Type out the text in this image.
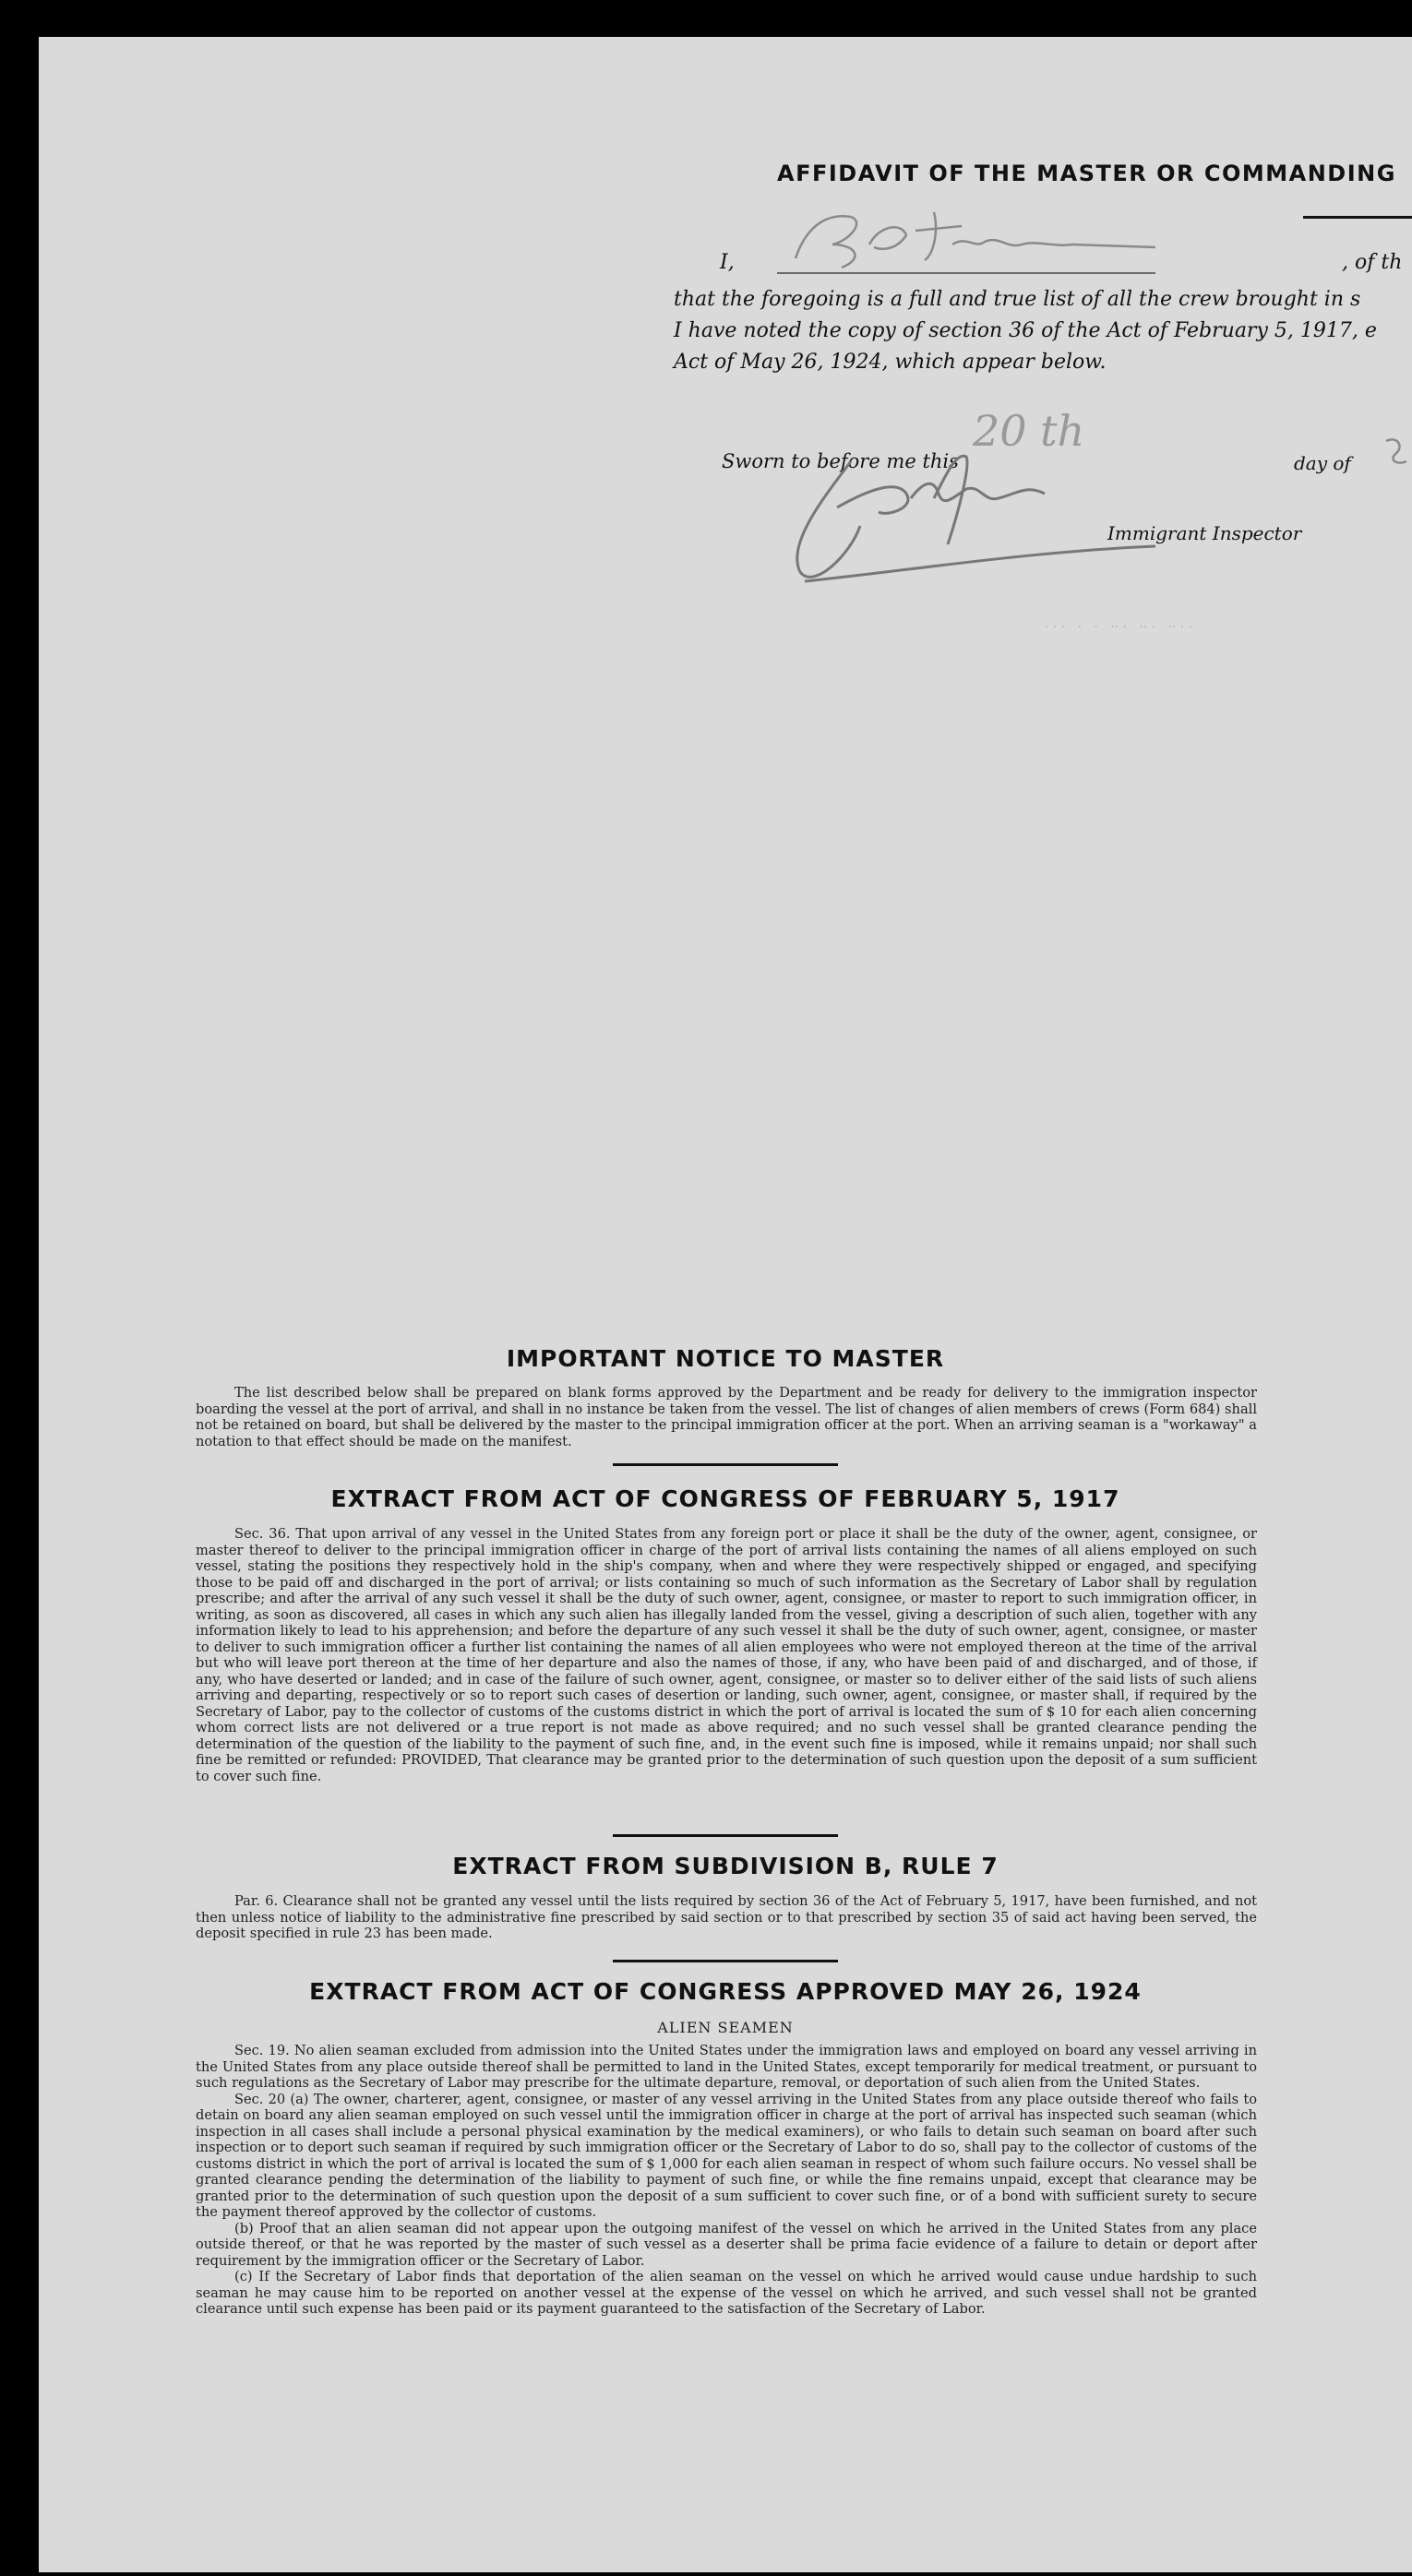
AFFIDAVIT OF THE MASTER OR COMMANDING
I,	, of th
that the foregoing is a full and true list of all the crew brought in s
I have noted the copy of section 36 of the Act of February 5, 1917, e
Act of May 26, 1924, which appear below.
Sworn to before me this
20 th
day of
Immigrant Inspector
· · ·   ·   ·   ·· ·   ·· ·   ·· · ·
IMPORTANT NOTICE TO MASTER

The list described below shall be prepared on blank forms approved by the Department and be ready for delivery to the immigration inspector boarding the vessel at the port of arrival, and shall in no instance be taken from the vessel. The list of changes of alien members of crews (Form 684) shall not be retained on board, but shall be delivered by the master to the principal immigration officer at the port. When an arriving seaman is a "workaway" a notation to that effect should be made on the manifest.

EXTRACT FROM ACT OF CONGRESS OF FEBRUARY 5, 1917

Sec. 36. That upon arrival of any vessel in the United States from any foreign port or place it shall be the duty of the owner, agent, consignee, or master thereof to deliver to the principal immigration officer in charge of the port of arrival lists containing the names of all aliens employed on such vessel, stating the positions they respectively hold in the ship's company, when and where they were respectively shipped or engaged, and specifying those to be paid off and discharged in the port of arrival; or lists containing so much of such information as the Secretary of Labor shall by regulation prescribe; and after the arrival of any such vessel it shall be the duty of such owner, agent, consignee, or master to report to such immigration officer, in writing, as soon as discovered, all cases in which any such alien has illegally landed from the vessel, giving a description of such alien, together with any information likely to lead to his apprehension; and before the departure of any such vessel it shall be the duty of such owner, agent, consignee, or master to deliver to such immigration officer a further list containing the names of all alien employees who were not employed thereon at the time of the arrival but who will leave port thereon at the time of her departure and also the names of those, if any, who have been paid of and discharged, and of those, if any, who have deserted or landed; and in case of the failure of such owner, agent, consignee, or master so to deliver either of the said lists of such aliens arriving and departing, respectively or so to report such cases of desertion or landing, such owner, agent, consignee, or master shall, if required by the Secretary of Labor, pay to the collector of customs of the customs district in which the port of arrival is located the sum of $ 10 for each alien concerning whom correct lists are not delivered or a true report is not made as above required; and no such vessel shall be granted clearance pending the determination of the question of the liability to the payment of such fine, and, in the event such fine is imposed, while it remains unpaid; nor shall such fine be remitted or refunded: PROVIDED, That clearance may be granted prior to the determination of such question upon the deposit of a sum sufficient to cover such fine.

EXTRACT FROM SUBDIVISION B, RULE 7

Par. 6. Clearance shall not be granted any vessel until the lists required by section 36 of the Act of February 5, 1917, have been furnished, and not then unless notice of liability to the administrative fine prescribed by said section or to that prescribed by section 35 of said act having been served, the deposit specified in rule 23 has been made.

EXTRACT FROM ACT OF CONGRESS APPROVED MAY 26, 1924
ALIEN SEAMEN

Sec. 19. No alien seaman excluded from admission into the United States under the immigration laws and employed on board any vessel arriving in the United States from any place outside thereof shall be permitted to land in the United States, except temporarily for medical treatment, or pursuant to such regulations as the Secretary of Labor may prescribe for the ultimate departure, removal, or deportation of such alien from the United States.

Sec. 20 (a) The owner, charterer, agent, consignee, or master of any vessel arriving in the United States from any place outside thereof who fails to detain on board any alien seaman employed on such vessel until the immigration officer in charge at the port of arrival has inspected such seaman (which inspection in all cases shall include a personal physical examination by the medical examiners), or who fails to detain such seaman on board after such inspection or to deport such seaman if required by such immigration officer or the Secretary of Labor to do so, shall pay to the collector of customs of the customs district in which the port of arrival is located the sum of $ 1,000 for each alien seaman in respect of whom such failure occurs. No vessel shall be granted clearance pending the determination of the liability to payment of such fine, or while the fine remains unpaid, except that clearance may be granted prior to the determination of such question upon the deposit of a sum sufficient to cover such fine, or of a bond with sufficient surety to secure the payment thereof approved by the collector of customs.

(b) Proof that an alien seaman did not appear upon the outgoing manifest of the vessel on which he arrived in the United States from any place outside thereof, or that he was reported by the master of such vessel as a deserter shall be prima facie evidence of a failure to detain or deport after requirement by the immigration officer or the Secretary of Labor.

(c) If the Secretary of Labor finds that deportation of the alien seaman on the vessel on which he arrived would cause undue hardship to such seaman he may cause him to be reported on another vessel at the expense of the vessel on which he arrived, and such vessel shall not be granted clearance until such expense has been paid or its payment guaranteed to the satisfaction of the Secretary of Labor.
